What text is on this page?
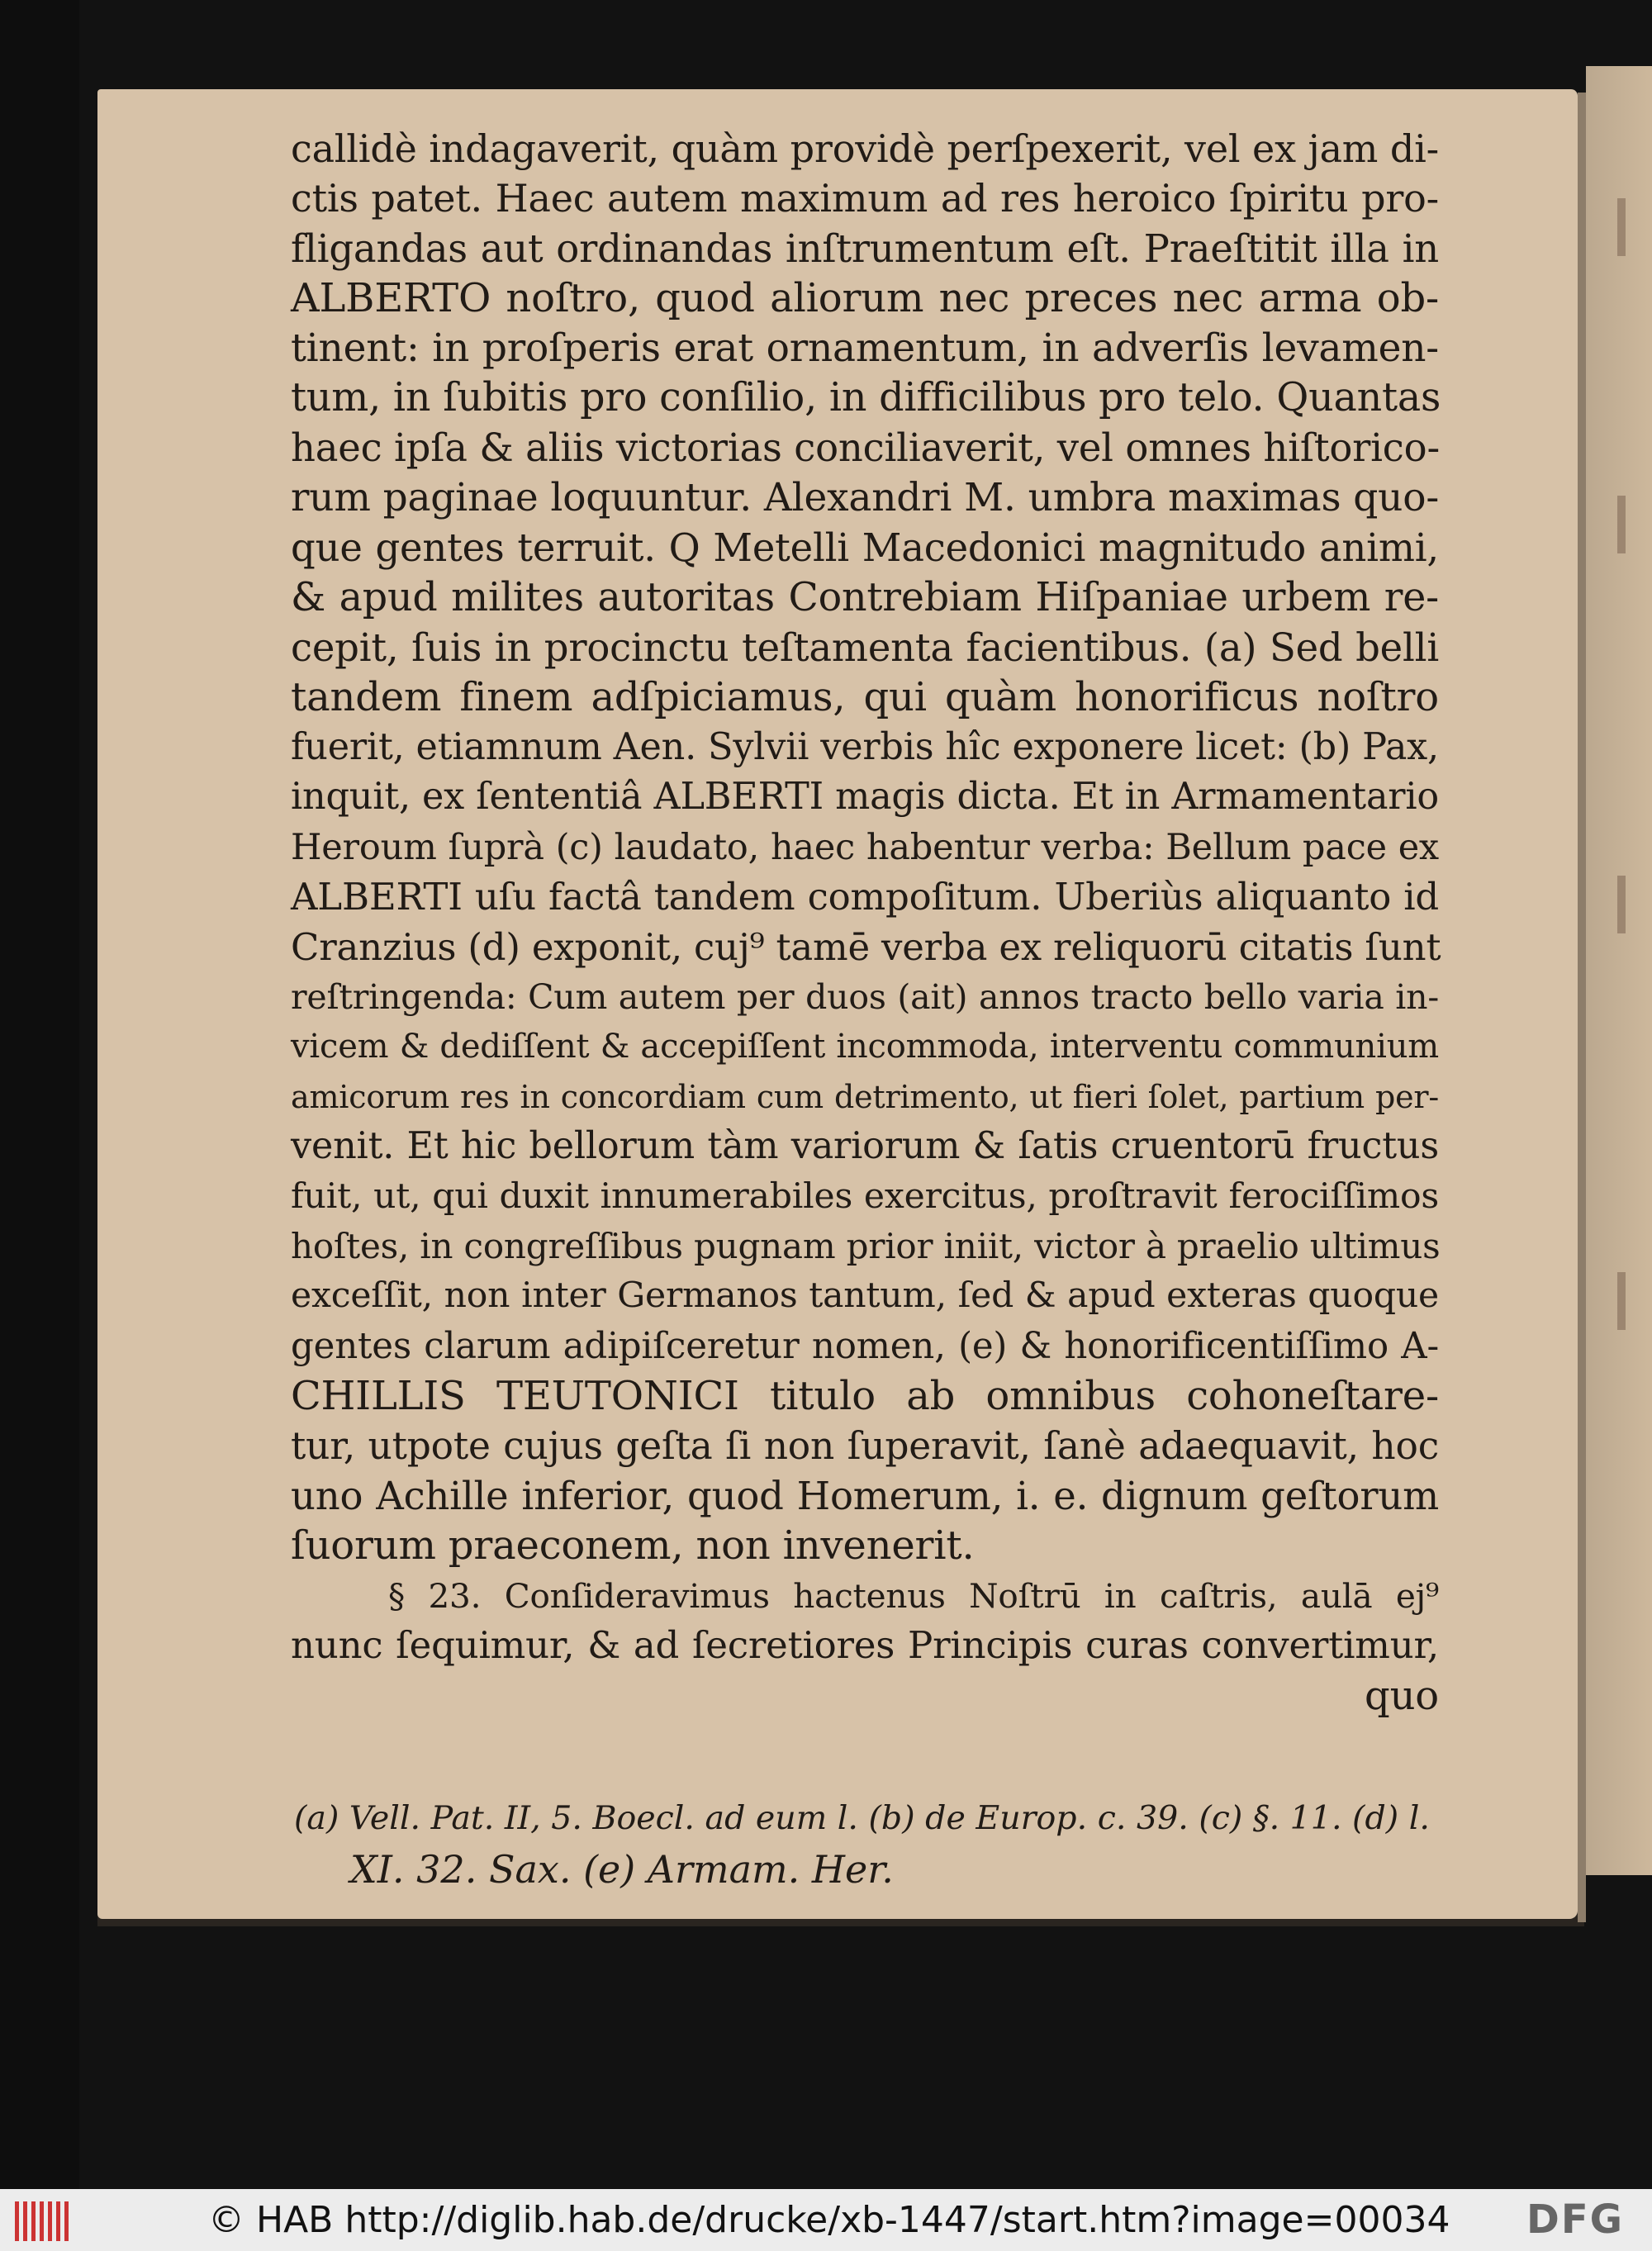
callidè indagaverit, quàm providè perſpexerit, vel ex jam di-
ctis patet. Haec autem maximum ad res heroico ſpiritu pro-
fligandas aut ordinandas inſtrumentum eſt. Praeſtitit illa in
ALBERTO noſtro, quod aliorum nec preces nec arma ob-
tinent: in proſperis erat ornamentum, in adverſis levamen-
tum, in ſubitis pro conſilio, in difficilibus pro telo. Quantas
haec ipſa & aliis victorias conciliaverit, vel omnes hiſtorico-
rum paginae loquuntur. Alexandri M. umbra maximas quo-
que gentes terruit. Q Metelli Macedonici magnitudo animi,
& apud milites autoritas Contrebiam Hiſpaniae urbem re-
cepit, ſuis in procinctu teſtamenta facientibus. (a) Sed belli
tandem finem adſpiciamus, qui quàm honorificus noſtro
fuerit, etiamnum Aen. Sylvii verbis hîc exponere licet: (b) Pax,
inquit, ex ſententiâ ALBERTI magis dicta. Et in Armamentario
Heroum ſuprà (c) laudato, haec habentur verba: Bellum pace ex
ALBERTI uſu factâ tandem compoſitum. Uberiùs aliquanto id
Cranzius (d) exponit, cuj⁹ tamē verba ex reliquorū citatis ſunt
reſtringenda: Cum autem per duos (ait) annos tracto bello varia in-
vicem & dediſſent & accepiſſent incommoda, interventu communium
amicorum res in concordiam cum detrimento, ut fieri ſolet, partium per-
venit. Et hic bellorum tàm variorum & ſatis cruentorū fructus
fuit, ut, qui duxit innumerabiles exercitus, proſtravit ferociſſimos
hoſtes, in congreſſibus pugnam prior iniit, victor à praelio ultimus
exceſſit, non inter Germanos tantum, ſed & apud exteras quoque
gentes clarum adipiſceretur nomen, (e) & honorificentiſſimo A-
CHILLIS TEUTONICI titulo ab omnibus cohoneſtare-
tur, utpote cujus geſta ſi non ſuperavit, ſanè adaequavit, hoc
uno Achille inferior, quod Homerum, i. e. dignum geſtorum
ſuorum praeconem, non invenerit.
§ 23. Conſideravimus hactenus Noſtrū in caſtris, aulā ej⁹
nunc ſequimur, & ad ſecretiores Principis curas convertimur,
quo
(a) Vell. Pat. II, 5. Boecl. ad eum l. (b) de Europ. c. 39. (c) §. 11. (d) l.
XI. 32. Sax. (e) Armam. Her.
© HAB http://diglib.hab.de/drucke/xb-1447/start.htm?image=00034 DFG
